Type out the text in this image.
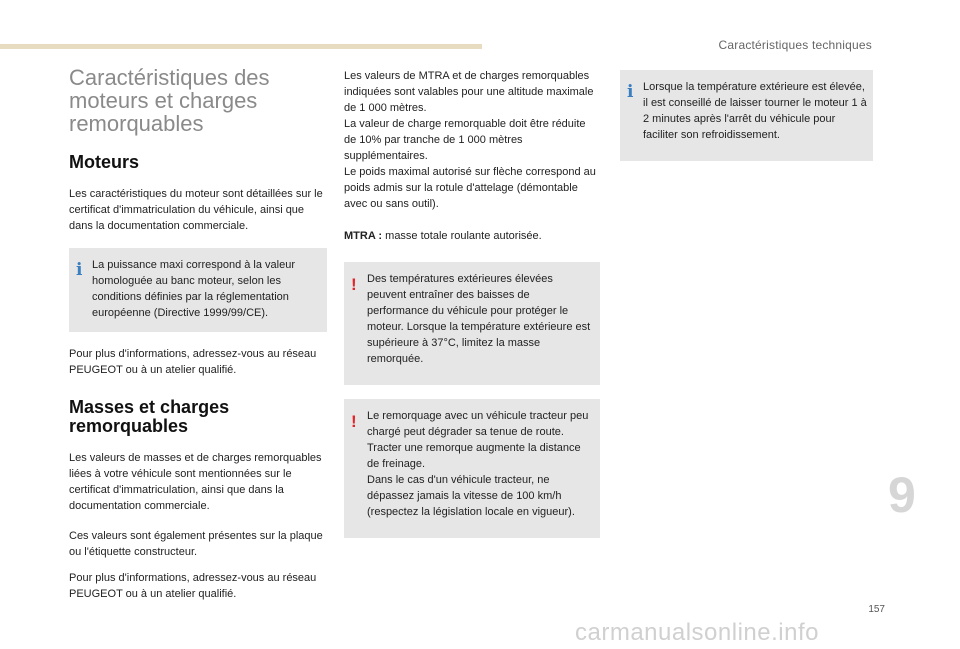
Caractéristiques techniques
Caractéristiques des
moteurs et charges
remorquables
Moteurs

Les caractéristiques du moteur sont détaillées sur le certificat d'immatriculation du véhicule, ainsi que dans la documentation commerciale.

i La puissance maxi correspond à la valeur homologuée au banc moteur, selon les conditions définies par la réglementation européenne (Directive 1999/99/CE).

Pour plus d'informations, adressez-vous au réseau PEUGEOT ou à un atelier qualifié.

Masses et charges
remorquables

Les valeurs de masses et de charges remorquables liées à votre véhicule sont mentionnées sur le certificat d'immatriculation, ainsi que dans la documentation commerciale.

Ces valeurs sont également présentes sur la plaque ou l'étiquette constructeur.

Pour plus d'informations, adressez-vous au réseau PEUGEOT ou à un atelier qualifié.

Les valeurs de MTRA et de charges remorquables indiquées sont valables pour une altitude maximale de 1 000 mètres.
La valeur de charge remorquable doit être réduite de 10% par tranche de 1 000 mètres supplémentaires.
Le poids maximal autorisé sur flèche correspond au poids admis sur la rotule d'attelage (démontable avec ou sans outil).

MTRA : masse totale roulante autorisée.

! Des températures extérieures élevées peuvent entraîner des baisses de performance du véhicule pour protéger le moteur. Lorsque la température extérieure est supérieure à 37°C, limitez la masse remorquée.
! Le remorquage avec un véhicule tracteur peu chargé peut dégrader sa tenue de route.
Tracter une remorque augmente la distance de freinage.
Dans le cas d'un véhicule tracteur, ne dépassez jamais la vitesse de 100 km/h (respectez la législation locale en vigueur).
i Lorsque la température extérieure est élevée, il est conseillé de laisser tourner le moteur 1 à 2 minutes après l'arrêt du véhicule pour faciliter son refroidissement.
9
157
carmanualsonline.info
